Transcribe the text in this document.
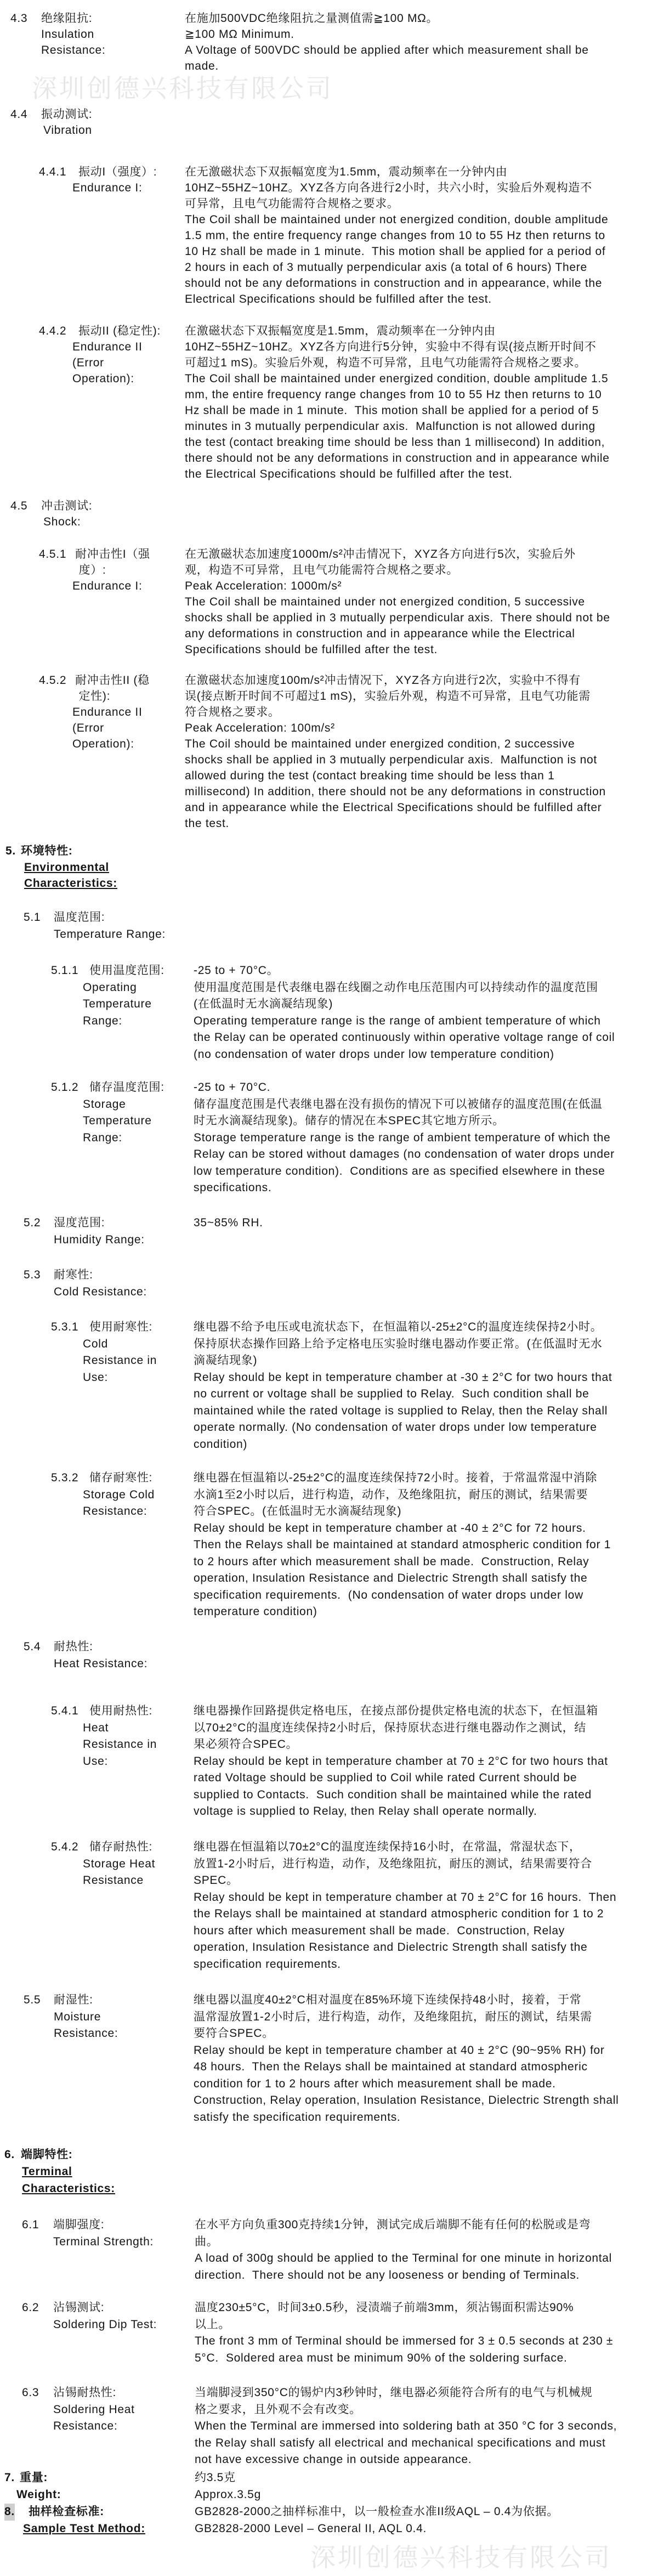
深圳创德兴科技有限公司
深圳创德兴科技有限公司
4.3 绝缘阻抗:
Insulation
Resistance:
在施加500VDC绝缘阻抗之量测值需≧100 MΩ。
≧100 MΩ Minimum.
A Voltage of 500VDC should be applied after which measurement shall be
made.
4.4 振动测试:
Vibration
4.4.1 振动I（强度）:
Endurance I:
在无激磁状态下双振幅宽度为1.5mm，震动频率在一分钟内由
10HZ~55HZ~10HZ。XYZ各方向各进行2小时，共六小时，实验后外观构造不
可异常，且电气功能需符合规格之要求。
The Coil shall be maintained under not energized condition, double amplitude
1.5 mm, the entire frequency range changes from 10 to 55 Hz then returns to
10 Hz shall be made in 1 minute.  This motion shall be applied for a period of
2 hours in each of 3 mutually perpendicular axis (a total of 6 hours) There
should not be any deformations in construction and in appearance, while the
Electrical Specifications should be fulfilled after the test.
4.4.2 振动II (稳定性):
Endurance II
(Error
Operation):
在激磁状态下双振幅宽度是1.5mm，震动频率在一分钟内由
10HZ~55HZ~10HZ。XYZ各方向进行5分钟，实验中不得有误(接点断开时间不
可超过1 mS)。实验后外观，构造不可异常，且电气功能需符合规格之要求。
The Coil shall be maintained under energized condition, double amplitude 1.5
mm, the entire frequency range changes from 10 to 55 Hz then returns to 10
Hz shall be made in 1 minute.  This motion shall be applied for a period of 5
minutes in 3 mutually perpendicular axis.  Malfunction is not allowed during
the test (contact breaking time should be less than 1 millisecond) In addition,
there should not be any deformations in construction and in appearance while
the Electrical Specifications should be fulfilled after the test.
4.5 冲击测试:
Shock:
4.5.1 耐冲击性I（强
度）:
Endurance I:
在无激磁状态加速度1000m/s²冲击情况下，XYZ各方向进行5次，实验后外
观，构造不可异常，且电气功能需符合规格之要求。
Peak Acceleration: 1000m/s²
The Coil shall be maintained under not energized condition, 5 successive
shocks shall be applied in 3 mutually perpendicular axis.  There should not be
any deformations in construction and in appearance while the Electrical
Specifications should be fulfilled after the test.
4.5.2 耐冲击性II (稳
定性):
Endurance II
(Error
Operation):
在激磁状态加速度100m/s²冲击情况下，XYZ各方向进行2次，实验中不得有
误(接点断开时间不可超过1 mS)，实验后外观，构造不可异常，且电气功能需
符合规格之要求。
Peak Acceleration: 100m/s²
The Coil should be maintained under energized condition, 2 successive
shocks shall be applied in 3 mutually perpendicular axis.  Malfunction is not
allowed during the test (contact breaking time should be less than 1
millisecond) In addition, there should not be any deformations in construction
and in appearance while the Electrical Specifications should be fulfilled after
the test.
5. 环境特性:
Environmental
Characteristics:
5.1 温度范围:
Temperature Range:
5.1.1 使用温度范围:
Operating
Temperature
Range:
-25 to + 70°C。
使用温度范围是代表继电器在线圈之动作电压范围内可以持续动作的温度范围
(在低温时无水滴凝结现象)
Operating temperature range is the range of ambient temperature of which
the Relay can be operated continuously within operative voltage range of coil
(no condensation of water drops under low temperature condition)
5.1.2 储存温度范围:
Storage
Temperature
Range:
-25 to + 70°C.
储存温度范围是代表继电器在没有损伤的情况下可以被储存的温度范围(在低温
时无水滴凝结现象)。储存的情况在本SPEC其它地方所示。
Storage temperature range is the range of ambient temperature of which the
Relay can be stored without damages (no condensation of water drops under
low temperature condition).  Conditions are as specified elsewhere in these
specifications.
5.2 湿度范围:
Humidity Range:
35~85% RH.
5.3 耐寒性:
Cold Resistance:
5.3.1 使用耐寒性:
Cold
Resistance in
Use:
继电器不给予电压或电流状态下，在恒温箱以-25±2°C的温度连续保持2小时。
保持原状态操作回路上给予定格电压实验时继电器动作要正常。(在低温时无水
滴凝结现象)
Relay should be kept in temperature chamber at -30 ± 2°C for two hours that
no current or voltage shall be supplied to Relay.  Such condition shall be
maintained while the rated voltage is supplied to Relay, then the Relay shall
operate normally. (No condensation of water drops under low temperature
condition)
5.3.2 储存耐寒性:
Storage Cold
Resistance:
继电器在恒温箱以-25±2°C的温度连续保持72小时。接着，于常温常湿中消除
水滴1至2小时以后，进行构造，动作，及绝缘阻抗，耐压的测试，结果需要
符合SPEC。(在低温时无水滴凝结现象)
Relay should be kept in temperature chamber at -40 ± 2°C for 72 hours.
Then the Relays shall be maintained at standard atmospheric condition for 1
to 2 hours after which measurement shall be made.  Construction, Relay
operation, Insulation Resistance and Dielectric Strength shall satisfy the
specification requirements.  (No condensation of water drops under low
temperature condition)
5.4 耐热性:
Heat Resistance:
5.4.1 使用耐热性:
Heat
Resistance in
Use:
继电器操作回路提供定格电压，在接点部份提供定格电流的状态下，在恒温箱
以70±2°C的温度连续保持2小时后，保持原状态进行继电器动作之测试，结
果必须符合SPEC。
Relay should be kept in temperature chamber at 70 ± 2°C for two hours that
rated Voltage should be supplied to Coil while rated Current should be
supplied to Contacts.  Such condition shall be maintained while the rated
voltage is supplied to Relay, then Relay shall operate normally.
5.4.2 储存耐热性:
Storage Heat
Resistance
继电器在恒温箱以70±2°C的温度连续保持16小时，在常温，常湿状态下，
放置1-2小时后，进行构造，动作，及绝缘阻抗，耐压的测试，结果需要符合
SPEC。
Relay should be kept in temperature chamber at 70 ± 2°C for 16 hours.  Then
the Relays shall be maintained at standard atmospheric condition for 1 to 2
hours after which measurement shall be made.  Construction, Relay
operation, Insulation Resistance and Dielectric Strength shall satisfy the
specification requirements.
5.5 耐湿性:
Moisture
Resistance:
继电器以温度40±2°C相对温度在85%环境下连续保持48小时，接着，于常
温常湿放置1-2小时后，进行构造，动作，及绝缘阻抗，耐压的测试，结果需
要符合SPEC。
Relay should be kept in temperature chamber at 40 ± 2°C (90~95% RH) for
48 hours.  Then the Relays shall be maintained at standard atmospheric
condition for 1 to 2 hours after which measurement shall be made.
Construction, Relay operation, Insulation Resistance, Dielectric Strength shall
satisfy the specification requirements.
6. 端脚特性:
Terminal
Characteristics:
6.1 端脚强度:
Terminal Strength:
在水平方向负重300克持续1分钟，测试完成后端脚不能有任何的松脱或是弯
曲。
A load of 300g should be applied to the Terminal for one minute in horizontal
direction.  There should not be any looseness or bending of Terminals.
6.2 沾锡测试:
Soldering Dip Test:
温度230±5°C，时间3±0.5秒，浸渍端子前端3mm，须沾锡面积需达90%
以上。
The front 3 mm of Terminal should be immersed for 3 ± 0.5 seconds at 230 ±
5°C.  Soldered area must be minimum 90% of the soldering surface.
6.3 沾锡耐热性:
Soldering Heat
Resistance:
当端脚浸到350°C的锡炉内3秒钟时，继电器必须能符合所有的电气与机械规
格之要求，且外观不会有改变。
When the Terminal are immersed into soldering bath at 350 °C for 3 seconds,
the Relay shall satisfy all electrical and mechanical specifications and must
not have excessive change in outside appearance.
7. 重量:
Weight:
约3.5克
Approx.3.5g
8. 抽样检查标准:
Sample Test Method:
GB2828-2000之抽样标准中，以一般检查水准II级AQL – 0.4为依据。
GB2828-2000 Level – General II, AQL 0.4.
